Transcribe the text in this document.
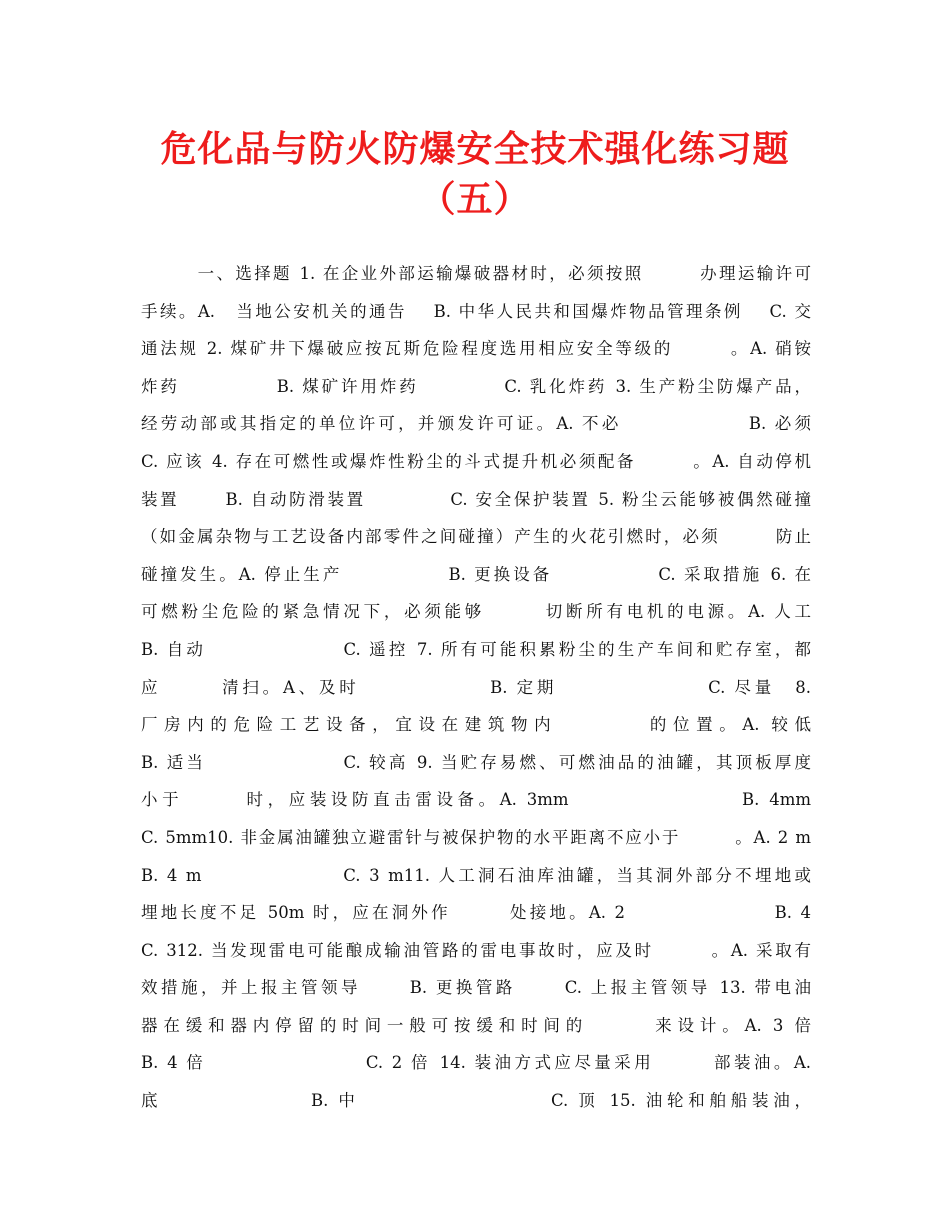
危化品与防火防爆安全技术强化练习题
（五）
　　　一、选择题 1. 在企业外部运输爆破器材时，必须按照　　　办理运输许可
手续。A.　当地公安机关的通告　 B. 中华人民共和国爆炸物品管理条例　 C. 交
通法规 2. 煤矿井下爆破应按瓦斯危险程度选用相应安全等级的　　　。A. 硝铵
炸药　　　　　B. 煤矿许用炸药　　　　 C. 乳化炸药 3. 生产粉尘防爆产品，
经劳动部或其指定的单位许可，并颁发许可证。A. 不必　　　　　　 B. 必须
C. 应该 4. 存在可燃性或爆炸性粉尘的斗式提升机必须配备　　　。A. 自动停机
装置　　 B. 自动防滑装置　　　　 C. 安全保护装置 5. 粉尘云能够被偶然碰撞
（如金属杂物与工艺设备内部零件之间碰撞）产生的火花引燃时，必须　　　防止
碰撞发生。A. 停止生产　　　　　 B. 更换设备　　　　　 C. 采取措施 6. 在
可燃粉尘危险的紧急情况下，必须能够　　　切断所有电机的电源。A. 人工
B. 自动　　　　　　　C. 遥控 7. 所有可能积累粉尘的生产车间和贮存室，都
应　　　清扫。A、及时　　　　　　 B. 定期　　　　　　　 C. 尽量　8.
厂房内的危险工艺设备，宜设在建筑物内　　　　的位置。A. 较低
B. 适当　　　　　　　C. 较高 9. 当贮存易燃、可燃油品的油罐，其顶板厚度
小于　　　时，应装设防直击雷设备。A. 3mm　　　　　　　　B. 4mm
C. 5mm10. 非金属油罐独立避雷针与被保护物的水平距离不应小于　　　。A. 2 m
B. 4 m　　　　　　　C. 3 m11. 人工洞石油库油罐，当其洞外部分不埋地或
埋地长度不足 50m 时，应在洞外作　　　处接地。A. 2　　　　　　　 B. 4
C. 312. 当发现雷电可能酿成输油管路的雷电事故时，应及时　　　。A. 采取有
效措施，并上报主管领导　　 B. 更换管路　　 C. 上报主管领导 13. 带电油
器在缓和器内停留的时间一般可按缓和时间的　　　来设计。A. 3 倍
B. 4 倍　　　　　　　　C. 2 倍 14. 装油方式应尽量采用　　　部装油。A.
底　　　　　　　B. 中　　　　　　　　　C. 顶 15. 油轮和舶船装油，
